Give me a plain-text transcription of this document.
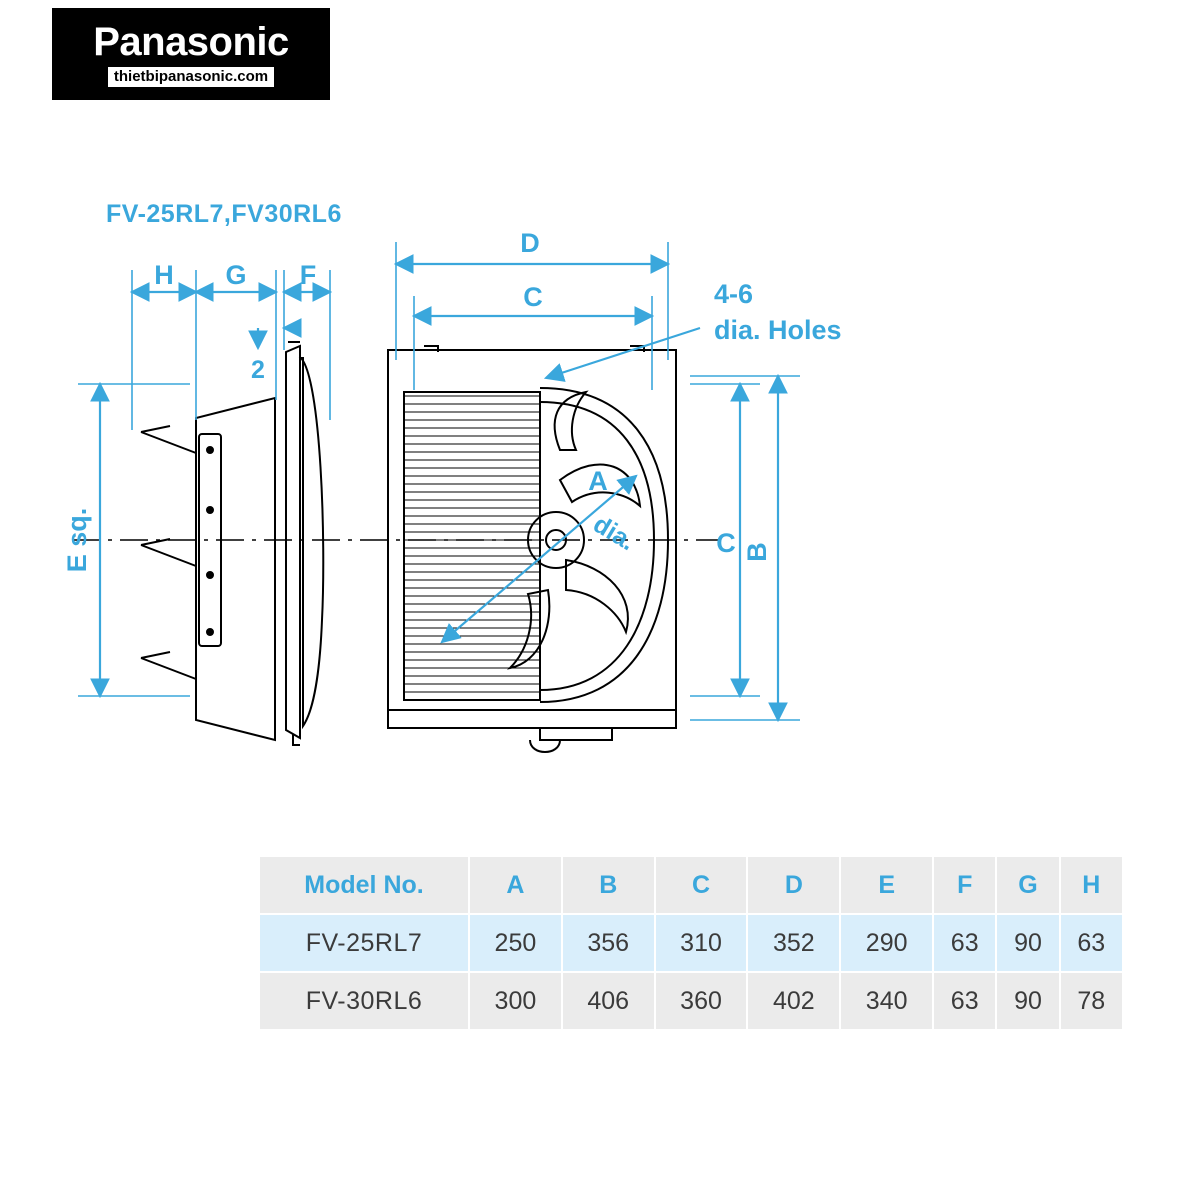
Panasonic
thietbipanasonic.com
FV-25RL7,FV30RL6
D
C
H G F
2
E sq.
A
dia.	C B
4-6
dia. Holes
Model No.	A	B	C	D	E	F	G	H
FV-25RL7	250	356	310	352	290	63	90	63
FV-30RL6	300	406	360	402	340	63	90	78
